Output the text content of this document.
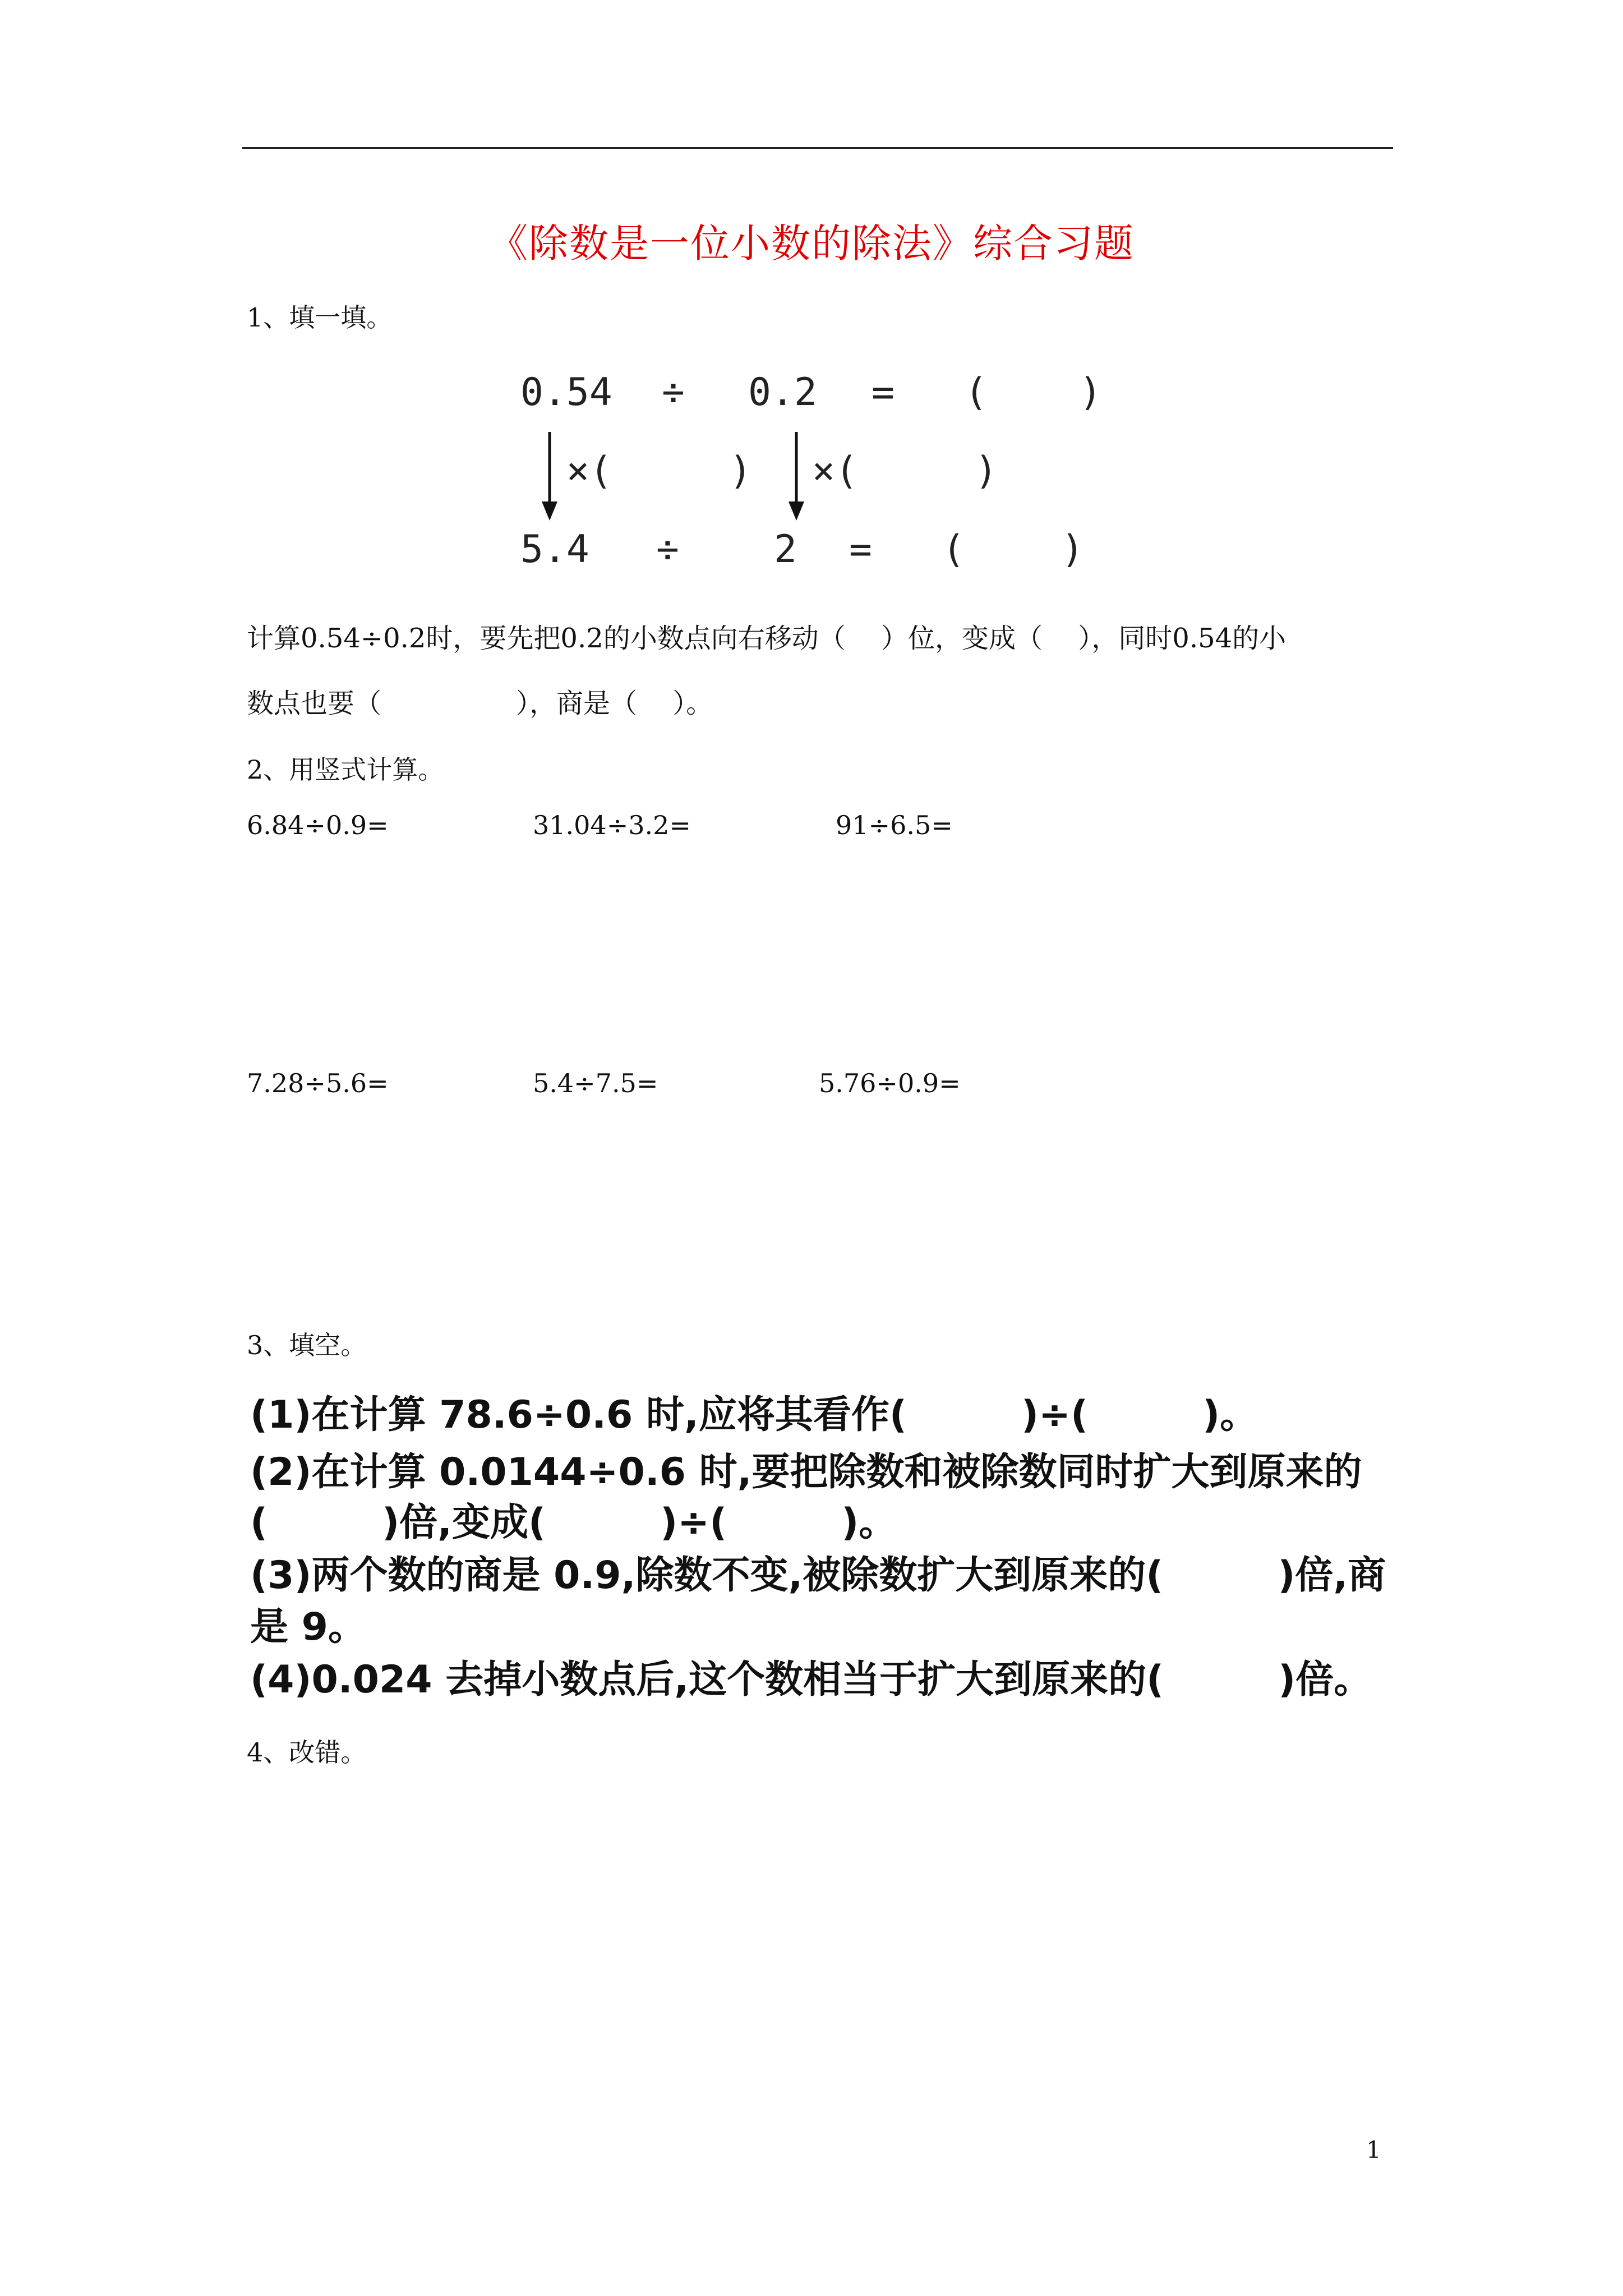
《除数是一位小数的除法》综合习题
1、填一填。
0.54 ÷ 0.2 = ( )
×(	) ×(	)
5.4 ÷ 2 = (	)
计算0.54÷0.2时，要先把0.2的小数点向右移动（　 ）位，变成（　 ），同时0.54的小
数点也要（　　　　　），商是（　 ）。
2、用竖式计算。
6.84÷0.9=	31.04÷3.2=	91÷6.5=
7.28÷5.6=	5.4÷7.5=	5.76÷0.9=
3、填空。
(1)在计算 78.6÷0.6 时,应将其看作(　　　)÷(　　　)。
(2)在计算 0.0144÷0.6 时,要把除数和被除数同时扩大到原来的
(　　　)倍,变成(　　　)÷(　　　)。
(3)两个数的商是 0.9,除数不变,被除数扩大到原来的(　　　)倍,商
是 9。
(4)0.024 去掉小数点后,这个数相当于扩大到原来的(　　　)倍。
4、改错。
1
